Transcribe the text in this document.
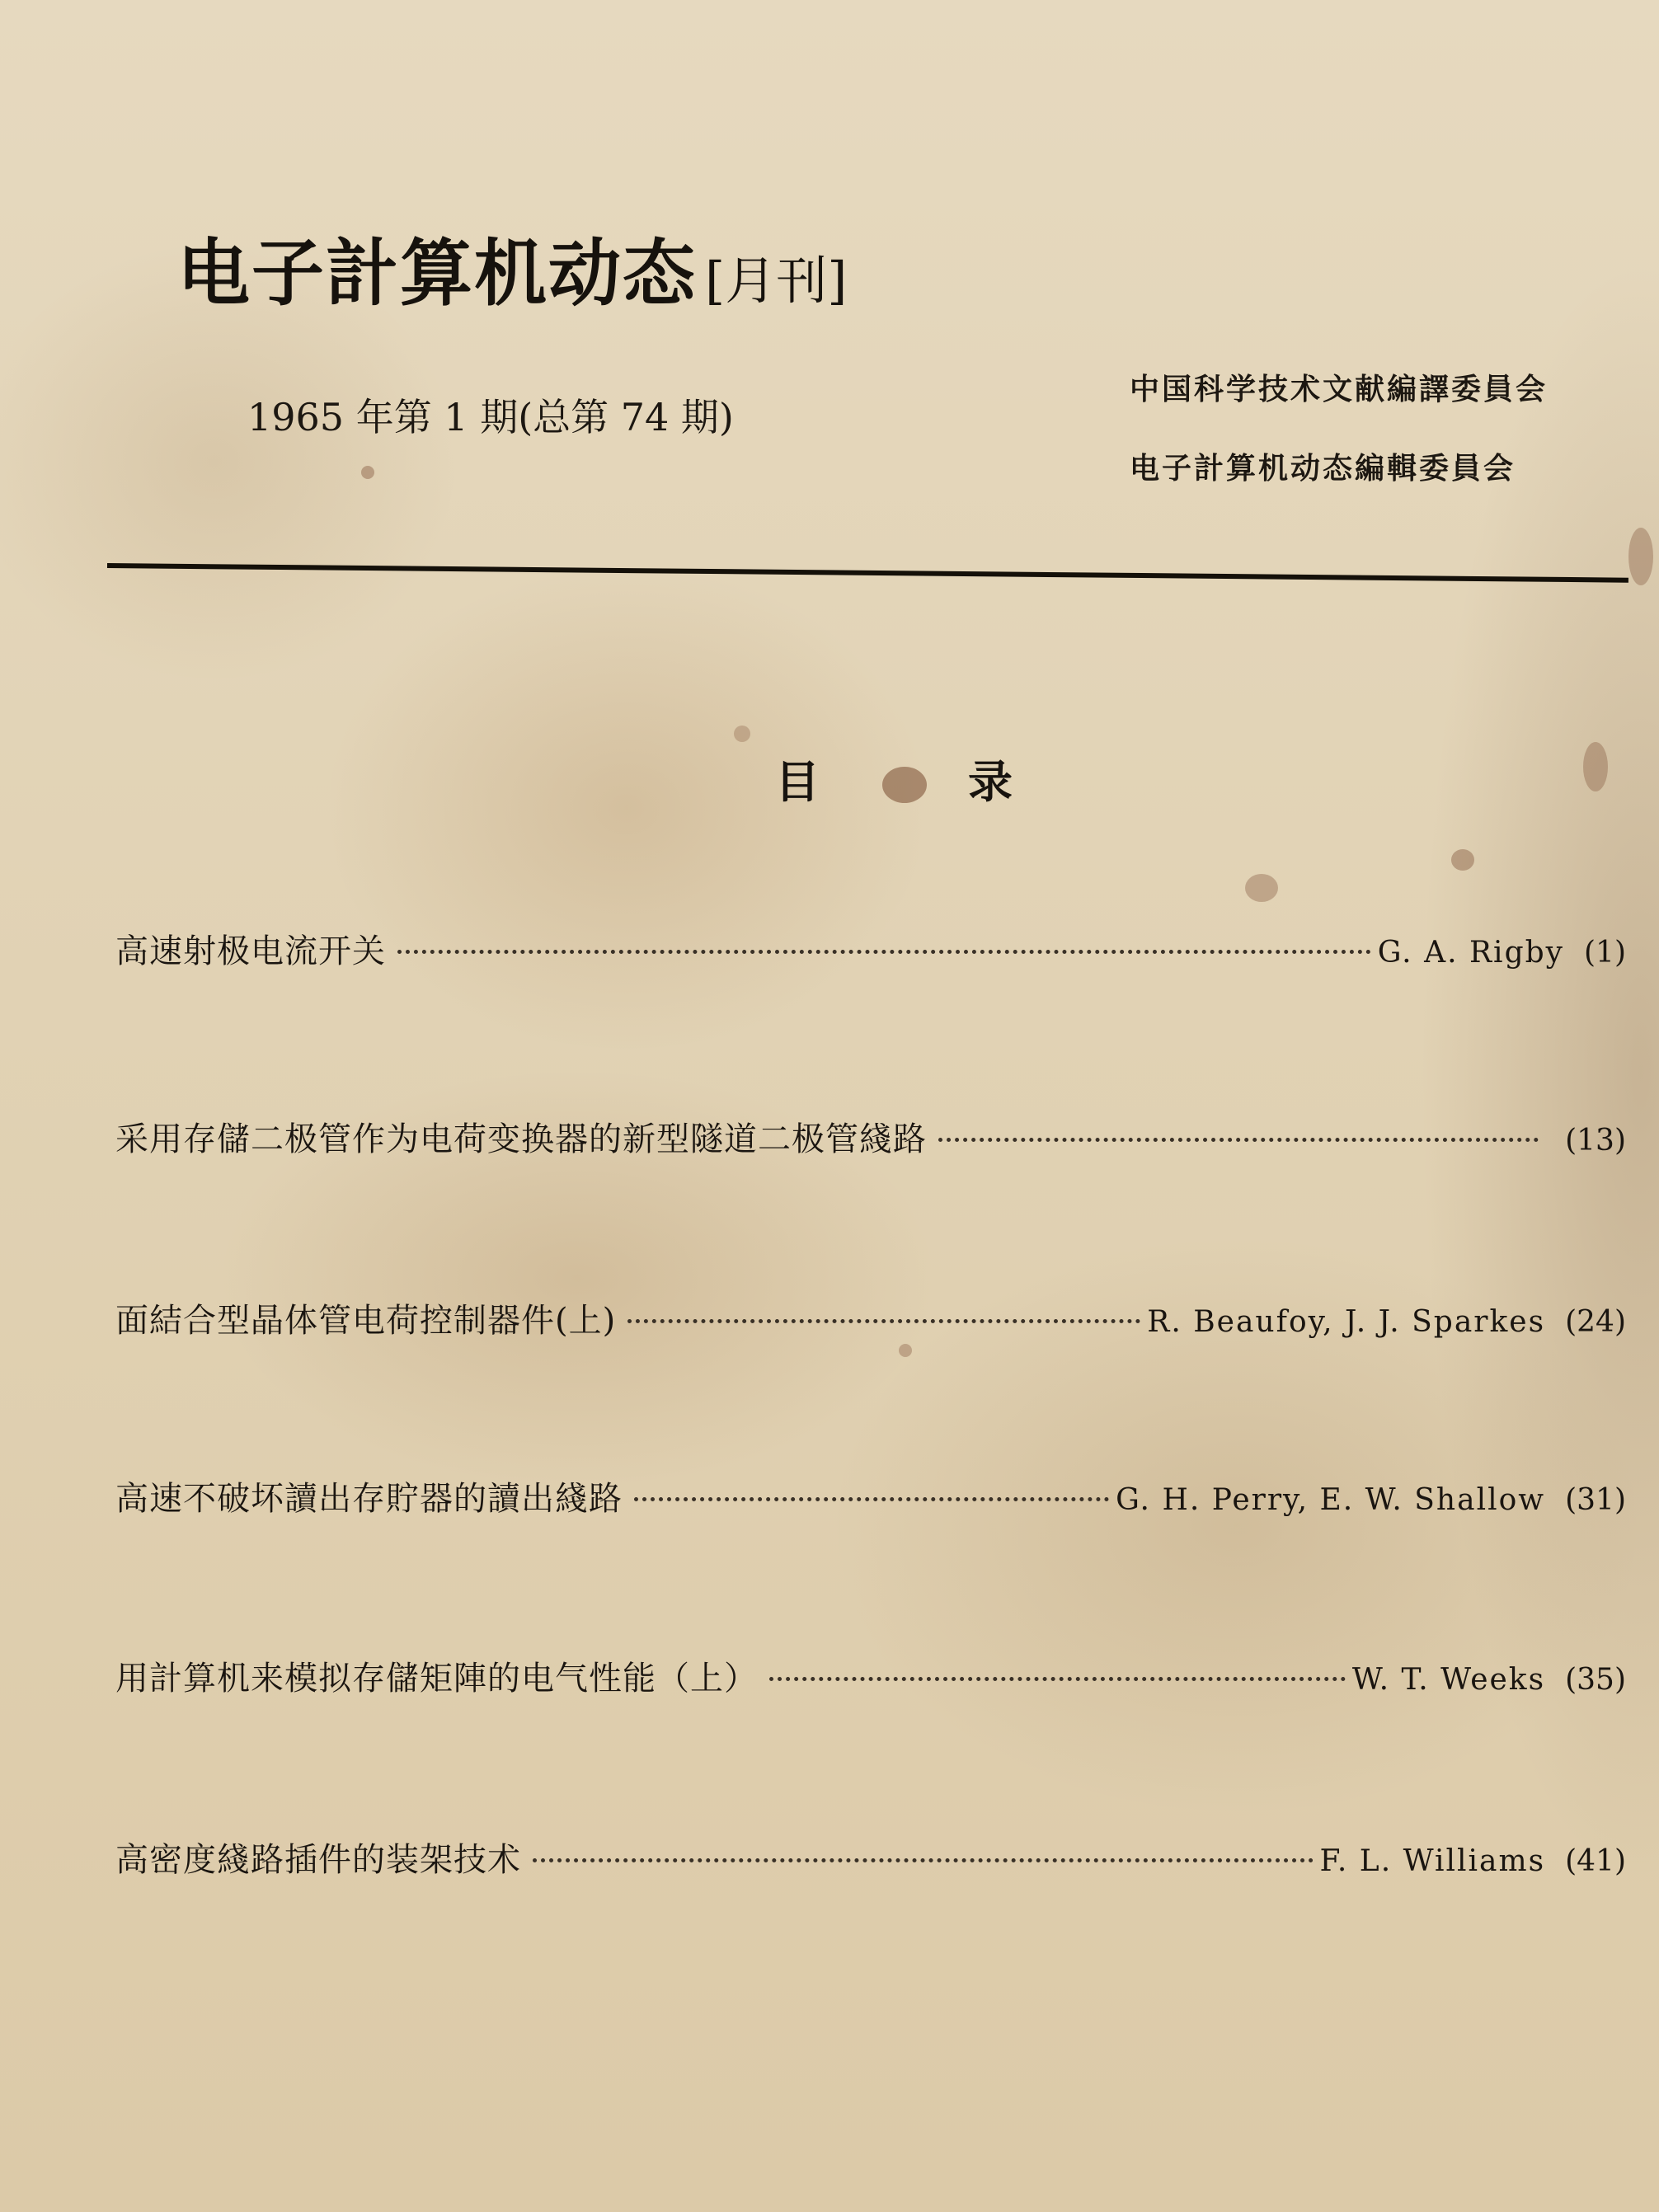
电子計算机动态 [月刊]
1965 年第 1 期(总第 74 期)
中国科学技术文献編譯委員会
电子計算机动态編輯委員会
目录
高速射极电流开关	G. A. Rigby (1)
采用存儲二极管作为电荷变换器的新型隧道二极管綫路	(13)
面結合型晶体管电荷控制器件(上)	R. Beaufoy, J. J. Sparkes (24)
高速不破坏讀出存貯器的讀出綫路	G. H. Perry, E. W. Shallow (31)
用計算机来模拟存儲矩陣的电气性能（上）	W. T. Weeks (35)
高密度綫路插件的装架技术	F. L. Williams (41)
